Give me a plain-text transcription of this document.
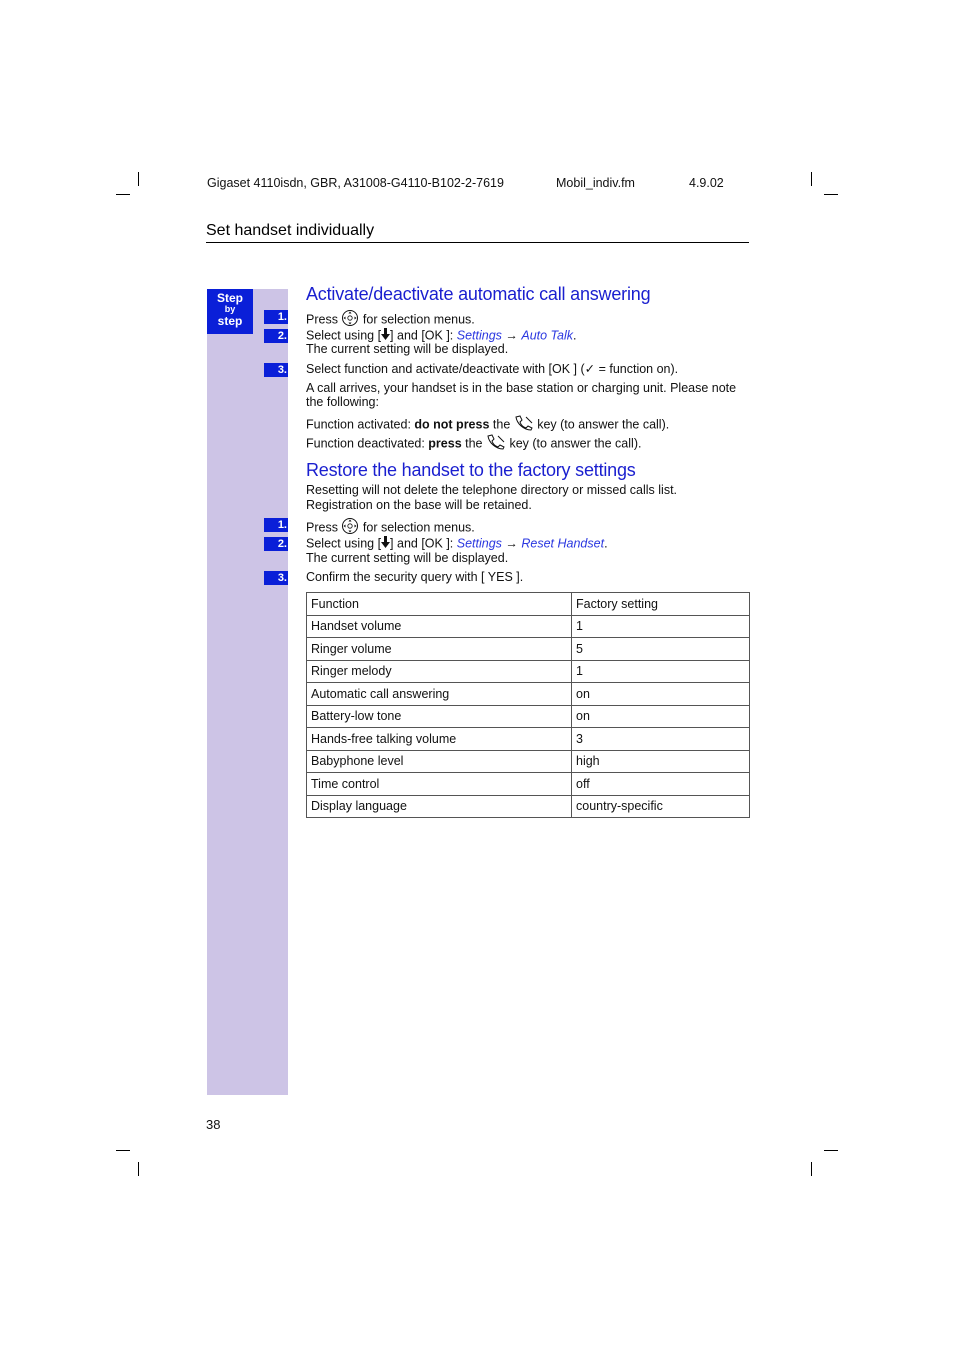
Gigaset 4110isdn, GBR, A31008-G4110-B102-2-7619	Mobil_indiv.fm	4.9.02
Set handset individually
Step
by
step
Activate/deactivate automatic call answering
1. Press for selection menus.
2. Select using [ ] and [OK ]: Settings → Auto Talk.
The current setting will be displayed.
3. Select function and activate/deactivate with [OK ] (✓ = function on).
A call arrives, your handset is in the base station or charging unit. Please note
the following:
Function activated: do not press the  key (to answer the call).
Function deactivated: press the  key (to answer the call).
Restore the handset to the factory settings
Resetting will not delete the telephone directory or missed calls list.
Registration on the base will be retained.
1. Press for selection menus.
2. Select using [ ] and [OK ]: Settings → Reset Handset.
The current setting will be displayed.
3. Confirm the security query with [ YES ].
Function	Factory setting
Handset volume	1
Ringer volume	5
Ringer melody	1
Automatic call answering	on
Battery-low tone	on
Hands-free talking volume	3
Babyphone level	high
Time control	off
Display language	country-specific
38
